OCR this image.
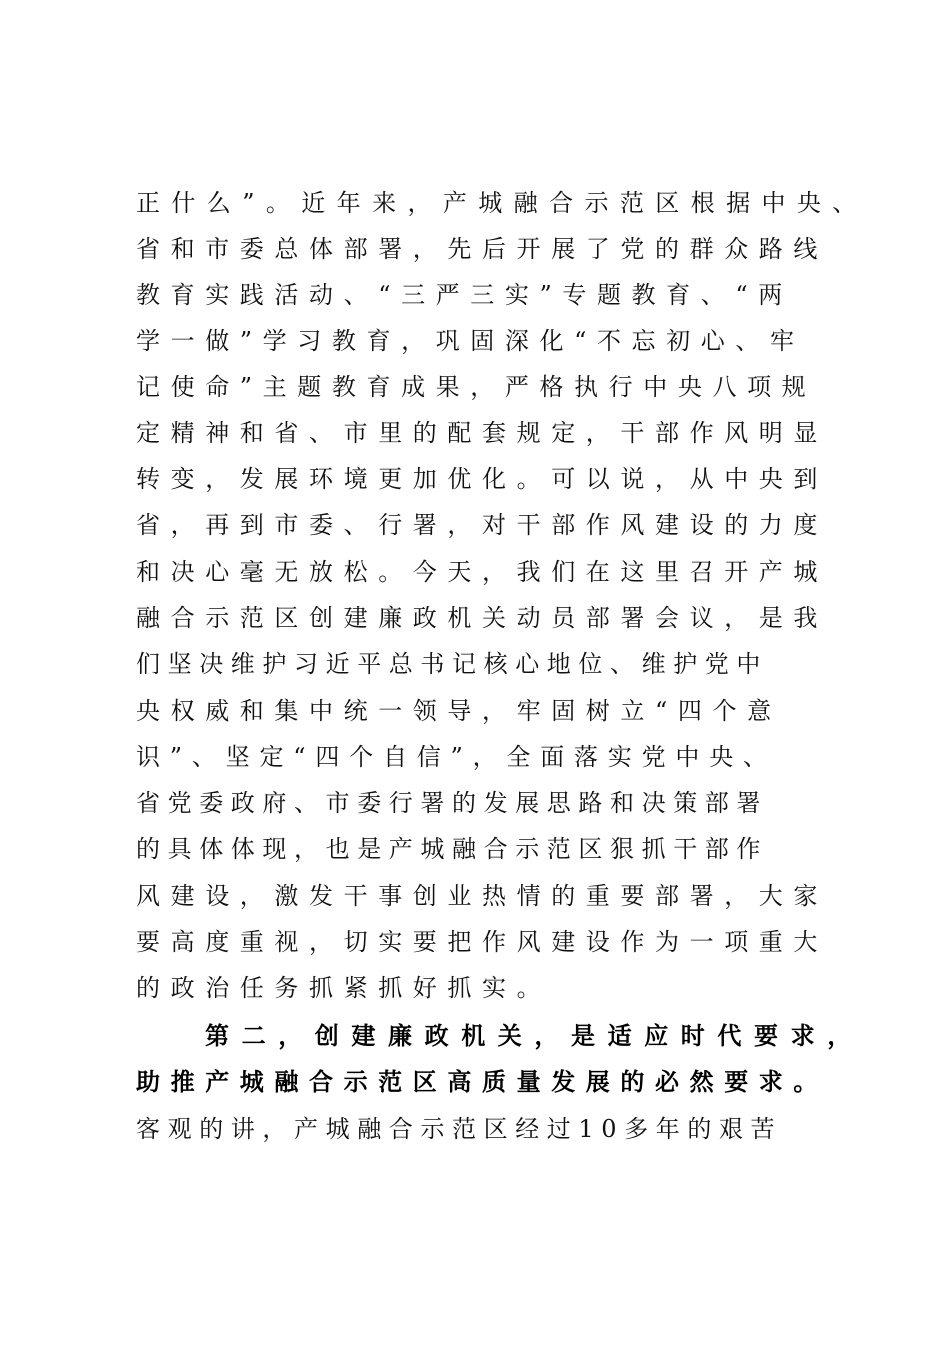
正什么”。近年来，产城融合示范区根据中央、
省和市委总体部署，先后开展了党的群众路线
教育实践活动、“三严三实”专题教育、“两
学一做”学习教育，巩固深化“不忘初心、牢
记使命”主题教育成果，严格执行中央八项规
定精神和省、市里的配套规定，干部作风明显
转变，发展环境更加优化。可以说，从中央到
省，再到市委、行署，对干部作风建设的力度
和决心毫无放松。今天，我们在这里召开产城
融合示范区创建廉政机关动员部署会议，是我
们坚决维护习近平总书记核心地位、维护党中
央权威和集中统一领导，牢固树立“四个意
识”、坚定“四个自信”，全面落实党中央、
省党委政府、市委行署的发展思路和决策部署
的具体体现，也是产城融合示范区狠抓干部作
风建设，激发干事创业热情的重要部署，大家
要高度重视，切实要把作风建设作为一项重大
的政治任务抓紧抓好抓实。
第二，创建廉政机关，是适应时代要求，
助推产城融合示范区高质量发展的必然要求。
客观的讲，产城融合示范区经过10多年的艰苦
